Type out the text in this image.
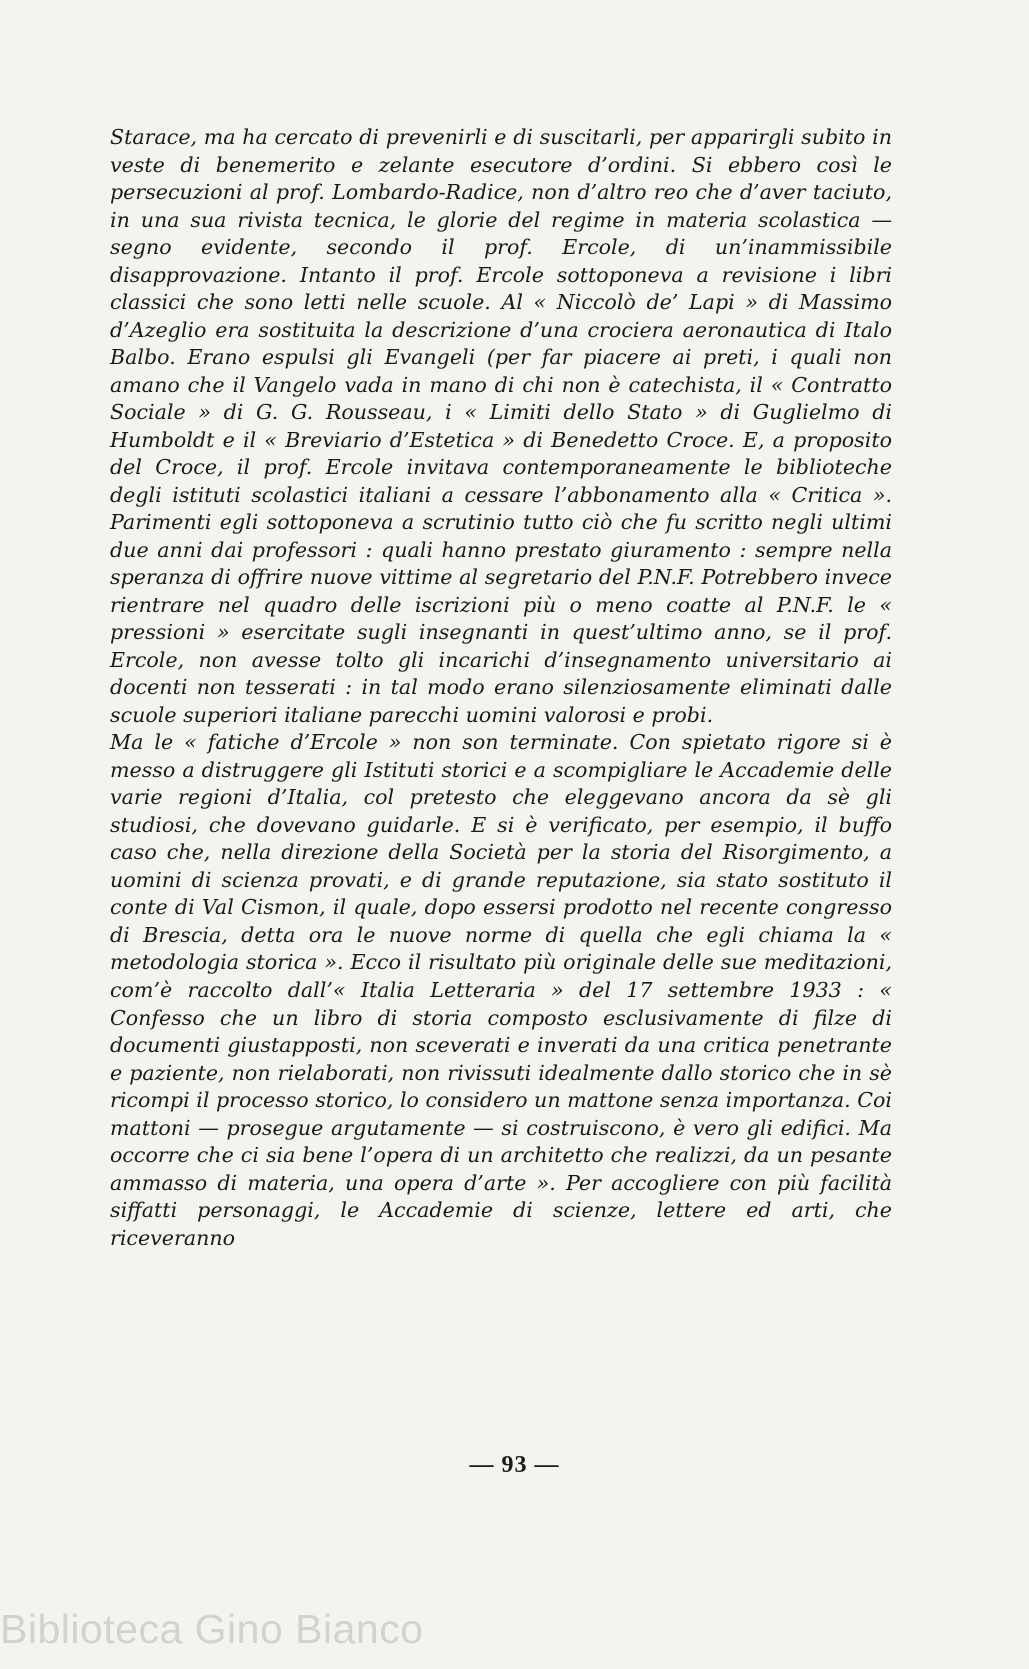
Starace, ma ha cercato di prevenirli e di suscitarli, per apparirgli subito in veste di benemerito e zelante esecutore d’ordini. Si ebbero così le persecuzioni al prof. Lombardo-Radice, non d’altro reo che d’aver taciuto, in una sua rivista tecnica, le glorie del regime in materia scolastica — segno evidente, secondo il prof. Ercole, di un’inammissibile disapprovazione. Intanto il prof. Ercole sottoponeva a revisione i libri classici che sono letti nelle scuole. Al « Niccolò de’ Lapi » di Massimo d’Azeglio era sostituita la descrizione d’una crociera aeronautica di Italo Balbo. Erano espulsi gli Evangeli (per far piacere ai preti, i quali non amano che il Vangelo vada in mano di chi non è catechista, il « Contratto Sociale » di G. G. Rousseau, i « Limiti dello Stato » di Guglielmo di Humboldt e il « Breviario d’Estetica » di Benedetto Croce. E, a proposito del Croce, il prof. Ercole invitava contemporaneamente le biblioteche degli istituti scolastici italiani a cessare l’abbonamento alla « Critica ». Parimenti egli sottoponeva a scrutinio tutto ciò che fu scritto negli ultimi due anni dai professori : quali hanno prestato giuramento : sempre nella speranza di offrire nuove vittime al segretario del P.N.F. Potrebbero invece rientrare nel quadro delle iscrizioni più o meno coatte al P.N.F. le « pressioni » esercitate sugli insegnanti in quest’ultimo anno, se il prof. Ercole, non avesse tolto gli incarichi d’insegnamento universitario ai docenti non tesserati : in tal modo erano silenziosamente eliminati dalle scuole superiori italiane parecchi uomini valorosi e probi.

Ma le « fatiche d’Ercole » non son terminate. Con spietato rigore si è messo a distruggere gli Istituti storici e a scompigliare le Accademie delle varie regioni d’Italia, col pretesto che eleggevano ancora da sè gli studiosi, che dovevano guidarle. E si è verificato, per esempio, il buffo caso che, nella direzione della Società per la storia del Risorgimento, a uomini di scienza provati, e di grande reputazione, sia stato sostituto il conte di Val Cismon, il quale, dopo essersi prodotto nel recente congresso di Brescia, detta ora le nuove norme di quella che egli chiama la « metodologia storica ». Ecco il risultato più originale delle sue meditazioni, com’è raccolto dall’« Italia Letteraria » del 17 settembre 1933 : « Confesso che un libro di storia composto esclusivamente di filze di documenti giustapposti, non sceverati e inverati da una critica penetrante e paziente, non rielaborati, non rivissuti idealmente dallo storico che in sè ricompi il processo storico, lo considero un mattone senza importanza. Coi mattoni — prosegue argutamente — si costruiscono, è vero gli edifici. Ma occorre che ci sia bene l’opera di un architetto che realizzi, da un pesante ammasso di materia, una opera d’arte ». Per accogliere con più facilità siffatti personaggi, le Accademie di scienze, lettere ed arti, che riceveranno

— 93 —
Biblioteca Gino Bianco
